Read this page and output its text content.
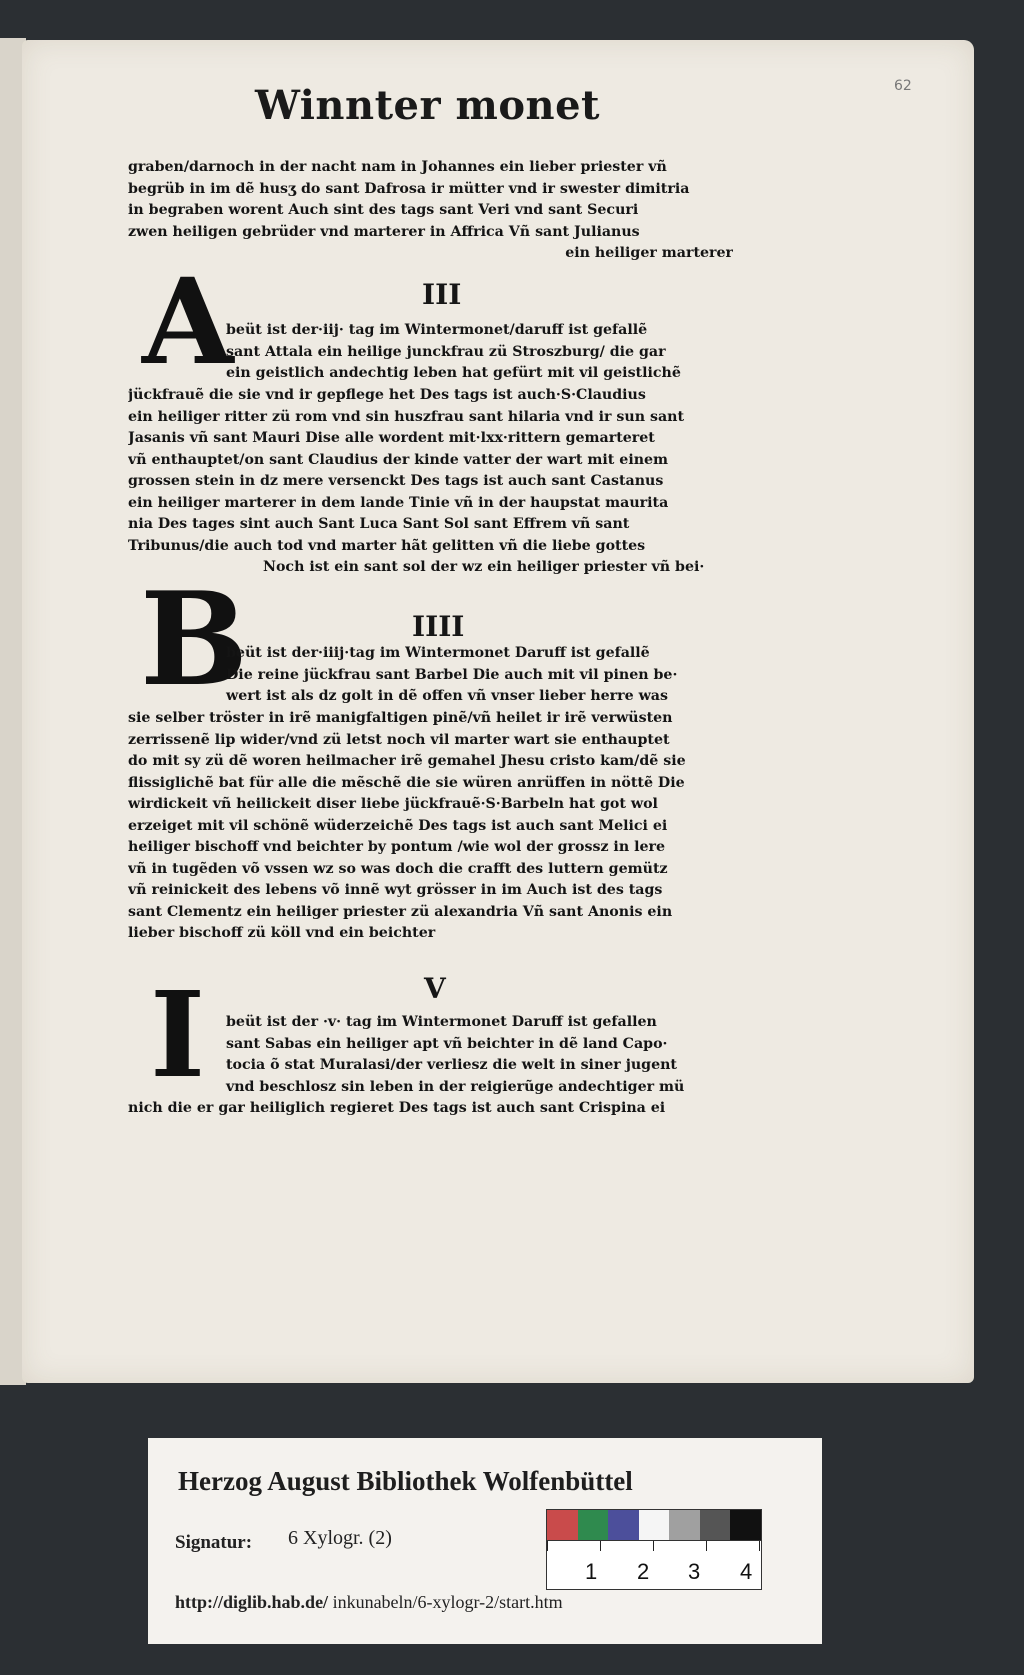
62
Winnter monet
graben/darnoch in der nacht nam in Johannes ein lieber priester vñ
begrüb in im dẽ husʒ do sant Dafrosa ir mütter vnd ir swester dimitria
in begraben worent Auch sint des tags sant Veri vnd sant Securi
zwen heiligen gebrüder vnd marterer in Affrica Vñ sant Julianus
ein heiliger marterer
III
A
beüt ist der·iij· tag im Wintermonet/daruff ist gefallẽ
sant Attala ein heilige junckfrau zü Stroszburg/ die gar
ein geistlich andechtig leben hat gefürt mit vil geistlichẽ
jückfrauẽ die sie vnd ir gepflege het Des tags ist auch·S·Claudius
ein heiliger ritter zü rom vnd sin huszfrau sant hilaria vnd ir sun sant
Jasanis vñ sant Mauri Dise alle wordent mit·lxx·rittern gemarteret
vñ enthauptet/on sant Claudius der kinde vatter der wart mit einem
grossen stein in dz mere versenckt Des tags ist auch sant Castanus
ein heiliger marterer in dem lande Tinie vñ in der haupstat maurita
nia Des tages sint auch Sant Luca Sant Sol sant Effrem vñ sant
Tribunus/die auch tod vnd marter hãt gelitten vñ die liebe gottes
Noch ist ein sant sol der wz ein heiliger priester vñ bei·
IIII
B
beüt ist der·iiij·tag im Wintermonet Daruff ist gefallẽ
Die reine jückfrau sant Barbel Die auch mit vil pinen be·
wert ist als dz golt in dẽ offen vñ vnser lieber herre was
sie selber tröster in irẽ manigfaltigen pinẽ/vñ heilet ir irẽ verwüsten
zerrissenẽ lip wider/vnd zü letst noch vil marter wart sie enthauptet
do mit sy zü dẽ woren heilmacher irẽ gemahel Jhesu cristo kam/dẽ sie
flissiglichẽ bat für alle die mẽschẽ die sie würen anrüffen in nöttẽ Die
wirdickeit vñ heilickeit diser liebe jückfrauẽ·S·Barbeln hat got wol
erzeiget mit vil schönẽ wüderzeichẽ Des tags ist auch sant Melici ei
heiliger bischoff vnd beichter by pontum /wie wol der grossz in lere
vñ in tugẽden võ vssen wz so was doch die crafft des luttern gemütz
vñ reinickeit des lebens võ innẽ wyt grösser in im Auch ist des tags
sant Clementz ein heiliger priester zü alexandria Vñ sant Anonis ein
lieber bischoff zü köll vnd ein beichter
V
I	beüt ist der ·v· tag im Wintermonet Daruff ist gefallen
sant Sabas ein heiliger apt vñ beichter in dẽ land Capo·
tocia õ stat Muralasi/der verliesz die welt in siner jugent
vnd beschlosz sin leben in der reigierũge andechtiger mü
nich die er gar heiliglich regieret Des tags ist auch sant Crispina ei
Herzog August Bibliothek Wolfenbüttel
Signatur: 6 Xylogr. (2)
http://diglib.hab.de/ inkunabeln/6-xylogr-2/start.htm
1 2 3 4
